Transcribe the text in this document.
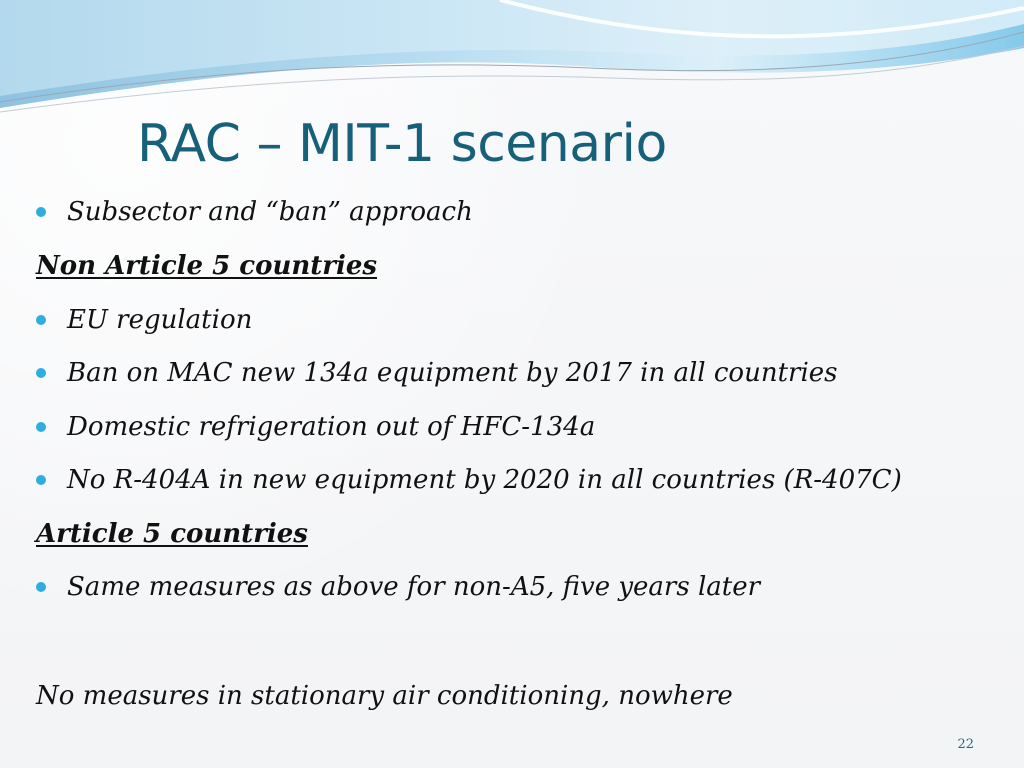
RAC – MIT-1 scenario
Subsector and “ban” approach
Non Article 5 countries
EU regulation
Ban on MAC new 134a equipment by 2017 in all countries
Domestic refrigeration out of HFC-134a
No R-404A in new equipment by 2020 in all countries (R-407C)
Article 5 countries
Same measures as above for non-A5, five years later
No measures in stationary air conditioning, nowhere
22
